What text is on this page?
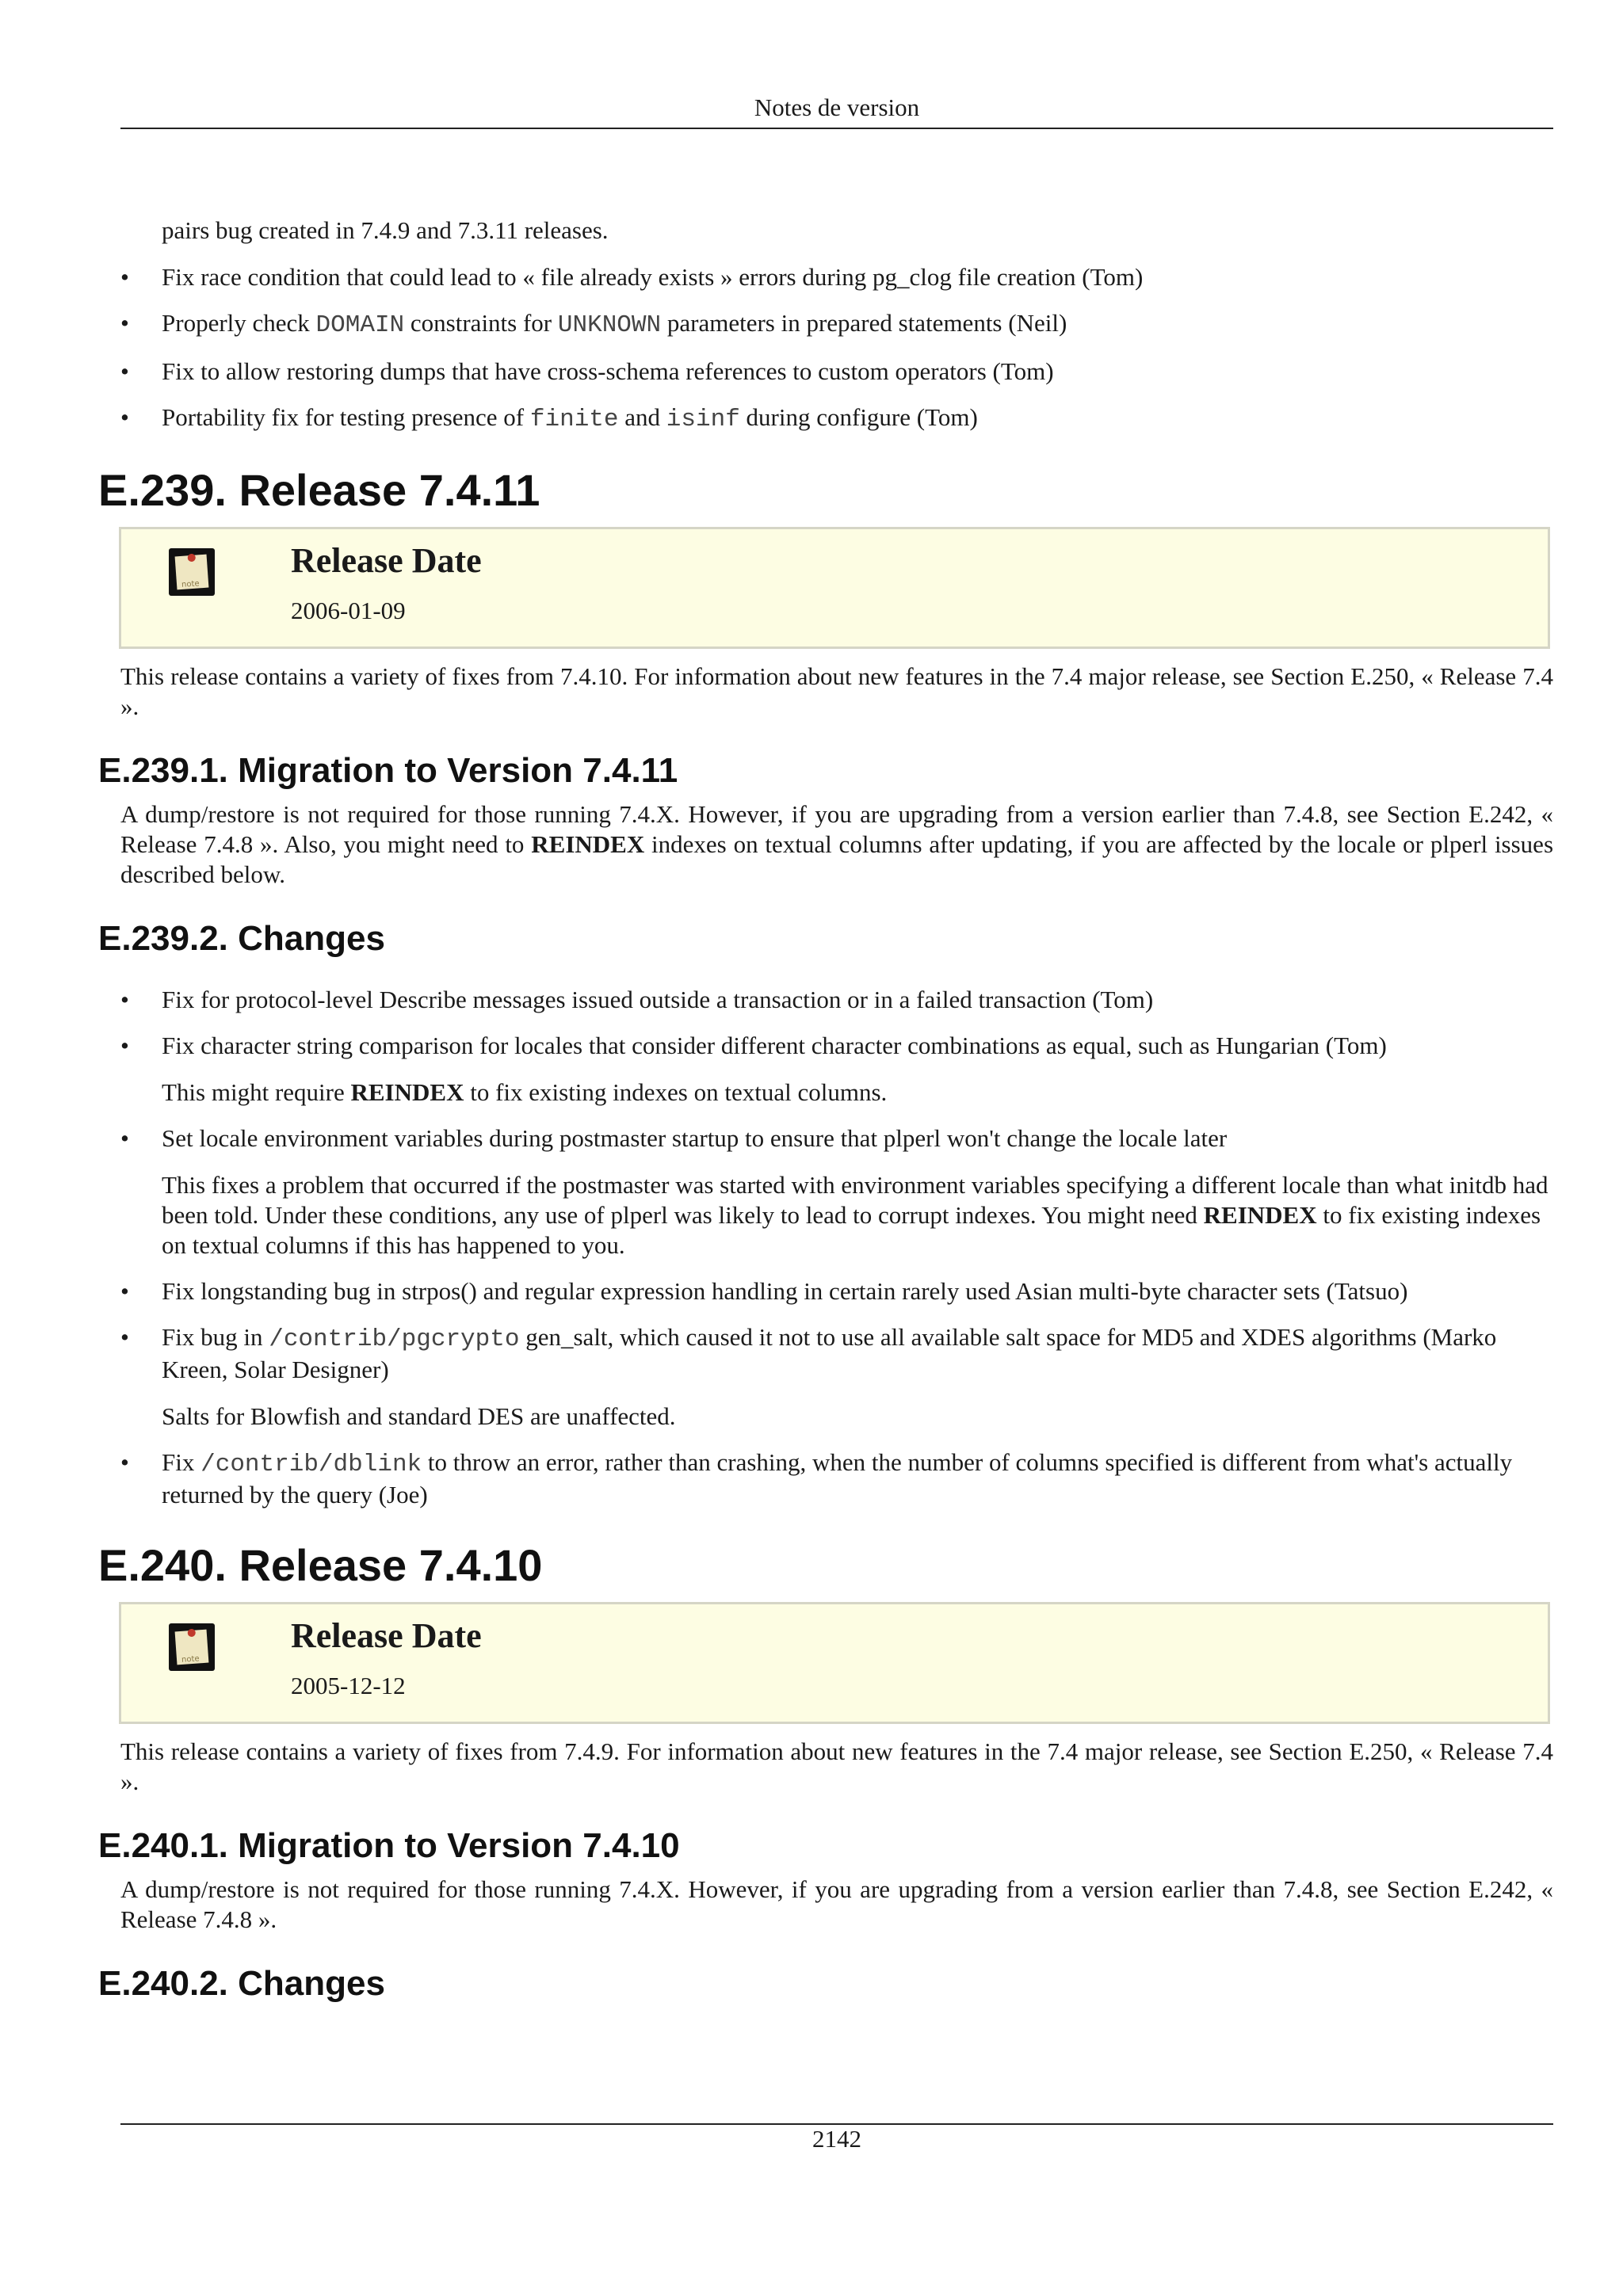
Notes de version

pairs bug created in 7.4.9 and 7.3.11 releases.

• Fix race condition that could lead to « file already exists » errors during pg_clog file creation (Tom)

• Properly check DOMAIN constraints for UNKNOWN parameters in prepared statements (Neil)

• Fix to allow restoring dumps that have cross-schema references to custom operators (Tom)

• Portability fix for testing presence of finite and isinf during configure (Tom)

E.239. Release 7.4.11
note
Release Date
2006-01-09

This release contains a variety of fixes from 7.4.10. For information about new features in the 7.4 major release, see Section E.250, « Release 7.4 ».

E.239.1. Migration to Version 7.4.11

A dump/restore is not required for those running 7.4.X. However, if you are upgrading from a version earlier than 7.4.8, see Section E.242, « Release 7.4.8 ». Also, you might need to REINDEX indexes on textual columns after updating, if you are affected by the locale or plperl issues described below.

E.239.2. Changes
• Fix for protocol-level Describe messages issued outside a transaction or in a failed transaction (Tom)

• Fix character string comparison for locales that consider different character combinations as equal, such as Hungarian (Tom)

This might require REINDEX to fix existing indexes on textual columns.

• Set locale environment variables during postmaster startup to ensure that plperl won't change the locale later

This fixes a problem that occurred if the postmaster was started with environment variables specifying a different locale than what initdb had been told. Under these conditions, any use of plperl was likely to lead to corrupt indexes. You might need REINDEX to fix existing indexes on textual columns if this has happened to you.

• Fix longstanding bug in strpos() and regular expression handling in certain rarely used Asian multi-byte character sets (Tatsuo)

• Fix bug in /contrib/pgcrypto gen_salt, which caused it not to use all available salt space for MD5 and XDES algorithms (Marko Kreen, Solar Designer)

Salts for Blowfish and standard DES are unaffected.

• Fix /contrib/dblink to throw an error, rather than crashing, when the number of columns specified is different from what's actually returned by the query (Joe)

E.240. Release 7.4.10
note
Release Date
2005-12-12

This release contains a variety of fixes from 7.4.9. For information about new features in the 7.4 major release, see Section E.250, « Release 7.4 ».

E.240.1. Migration to Version 7.4.10

A dump/restore is not required for those running 7.4.X. However, if you are upgrading from a version earlier than 7.4.8, see Section E.242, « Release 7.4.8 ».

E.240.2. Changes
2142
